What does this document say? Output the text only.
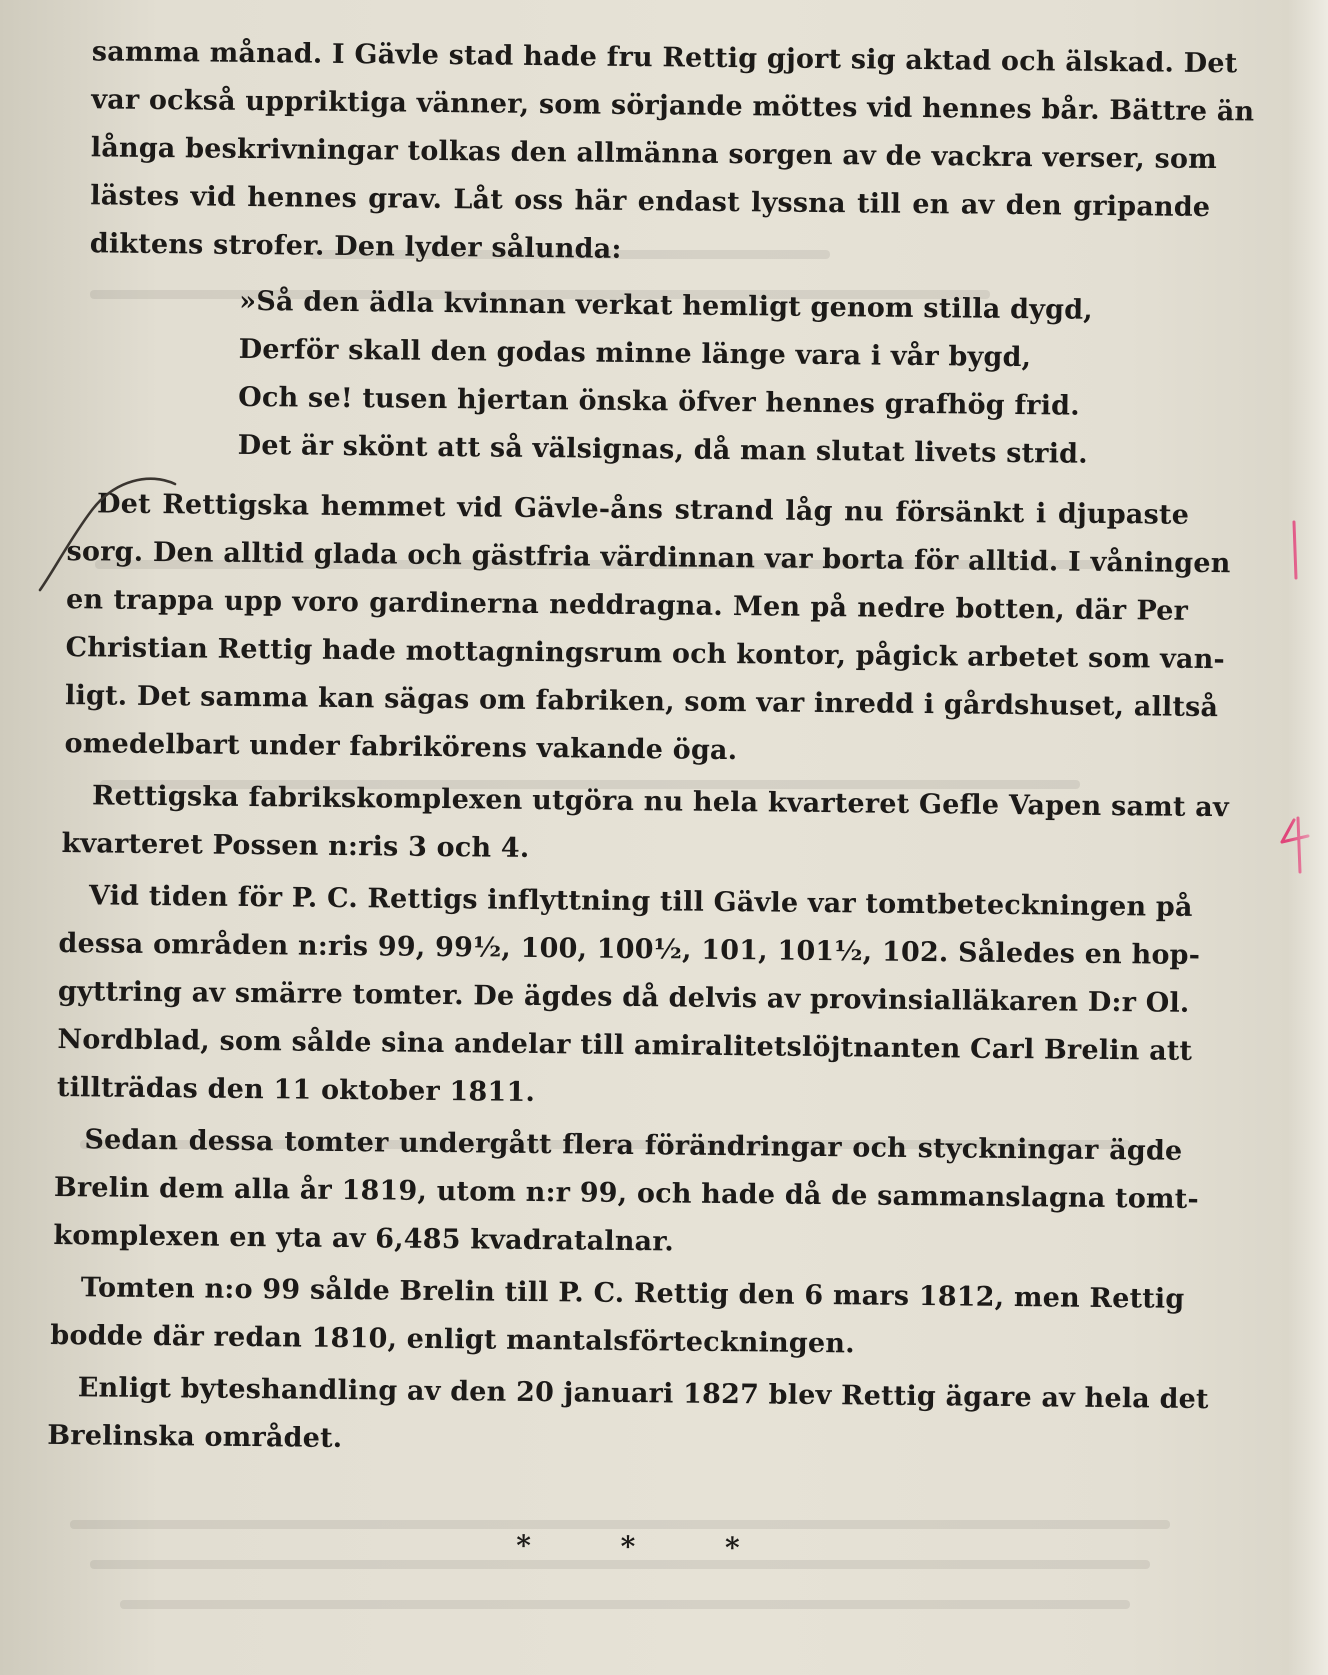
samma månad. I Gävle stad hade fru Rettig gjort sig aktad och älskad. Det
var också uppriktiga vänner, som sörjande möttes vid hennes bår. Bättre än
långa beskrivningar tolkas den allmänna sorgen av de vackra verser, som
lästes vid hennes grav. Låt oss här endast lyssna till en av den gripande
diktens strofer. Den lyder sålunda:
»Så den ädla kvinnan verkat hemligt genom stilla dygd,
Derför skall den godas minne länge vara i vår bygd,
Och se! tusen hjertan önska öfver hennes grafhög frid.
Det är skönt att så välsignas, då man slutat livets strid.
Det Rettigska hemmet vid Gävle-åns strand låg nu försänkt i djupaste
sorg. Den alltid glada och gästfria värdinnan var borta för alltid. I våningen
en trappa upp voro gardinerna neddragna. Men på nedre botten, där Per
Christian Rettig hade mottagningsrum och kontor, pågick arbetet som van-
ligt. Det samma kan sägas om fabriken, som var inredd i gårdshuset, alltså
omedelbart under fabrikörens vakande öga.
Rettigska fabrikskomplexen utgöra nu hela kvarteret Gefle Vapen samt av
kvarteret Possen n:ris 3 och 4.
Vid tiden för P. C. Rettigs inflyttning till Gävle var tomtbeteckningen på
dessa områden n:ris 99, 99½, 100, 100½, 101, 101½, 102. Således en hop-
gyttring av smärre tomter. De ägdes då delvis av provinsialläkaren D:r Ol.
Nordblad, som sålde sina andelar till amiralitetslöjtnanten Carl Brelin att
tillträdas den 11 oktober 1811.
Sedan dessa tomter undergått flera förändringar och styckningar ägde
Brelin dem alla år 1819, utom n:r 99, och hade då de sammanslagna tomt-
komplexen en yta av 6,485 kvadratalnar.
Tomten n:o 99 sålde Brelin till P. C. Rettig den 6 mars 1812, men Rettig
bodde där redan 1810, enligt mantalsförteckningen.
Enligt byteshandling av den 20 januari 1827 blev Rettig ägare av hela det
Brelinska området.
* * *
